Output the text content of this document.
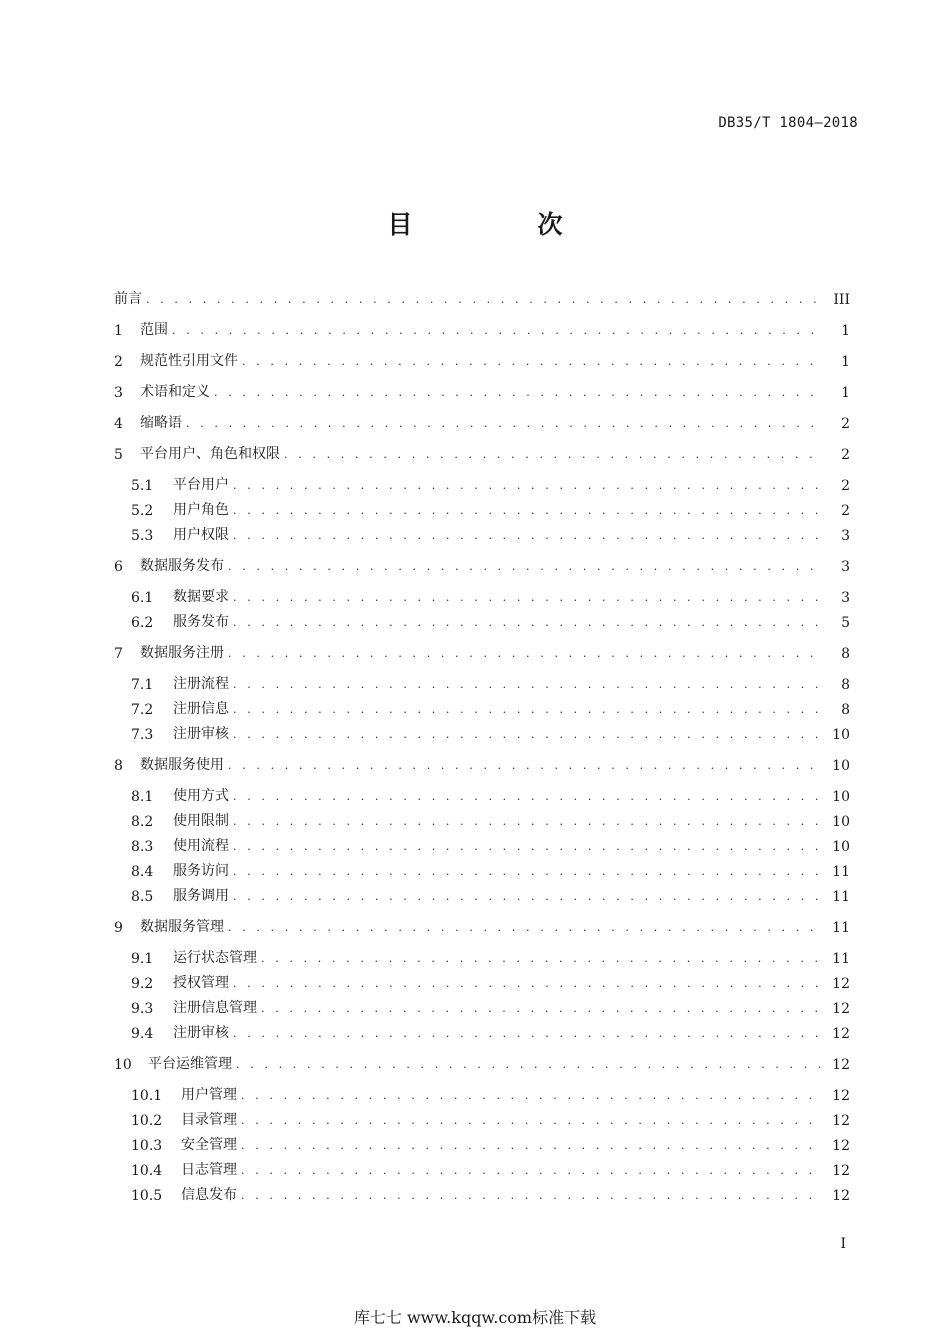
DB35/T 1804—2018
目　次
前言 . . .	III
1	范围 . . .	1
2	规范性引用文件 . . .	1
3	术语和定义 . . .	1
4	缩略语 . . .	2
5	平台用户、角色和权限 . . .	2
5.1	平台用户 . . .	2
5.2	用户角色 . . .	2
5.3	用户权限 . . .	3
6	数据服务发布 . . .	3
6.1	数据要求 . . .	3
6.2	服务发布 . . .	5
7	数据服务注册 . . .	8
7.1	注册流程 . . .	8
7.2	注册信息 . . .	8
7.3	注册审核 . . .	10
8	数据服务使用 . . .	10
8.1	使用方式 . . .	10
8.2	使用限制 . . .	10
8.3	使用流程 . . .	10
8.4	服务访问 . . .	11
8.5	服务调用 . . .	11
9	数据服务管理 . . .	11
9.1	运行状态管理 . . .	11
9.2	授权管理 . . .	12
9.3	注册信息管理 . . .	12
9.4	注册审核 . . .	12
10	平台运维管理 . . .	12
10.1	用户管理 . . .	12
10.2	目录管理 . . .	12
10.3	安全管理 . . .	12
10.4	日志管理 . . .	12
10.5	信息发布 . . .	12
I
库七七 www.kqqw.com标准下载
